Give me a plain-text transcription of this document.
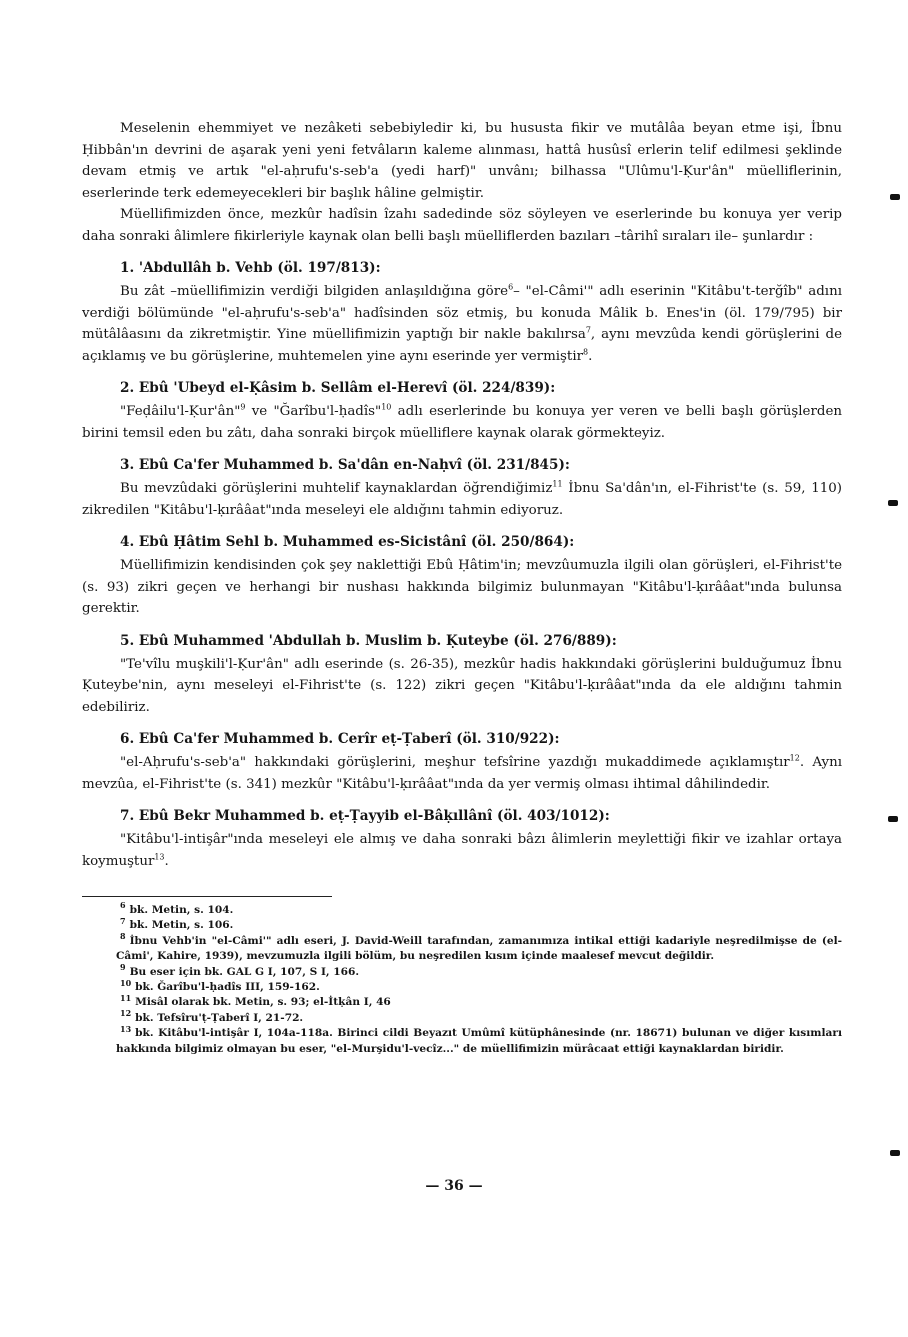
Meselenin ehemmiyet ve nezâketi sebebiyledir ki, bu hususta fikir ve mutâlâa beyan etme işi, İbnu Ḥibbân'ın devrini de aşarak yeni yeni fetvâların kaleme alınması, hattâ husûsî erlerin telif edilmesi şeklinde devam etmiş ve artık "el-aḥrufu's-seb'a (yedi harf)" unvânı; bilhassa "Ulûmu'l-Ḳur'ân" müelliflerinin, eserlerinde terk edemeyecekleri bir başlık hâline gelmiştir.

Müellifimizden önce, mezkûr hadîsin îzahı sadedinde söz söyleyen ve eserlerinde bu konuya yer verip daha sonraki âlimlere fikirleriyle kaynak olan belli başlı müelliflerden bazıları –târihî sıraları ile– şunlardır :

1. 'Abdullâh b. Vehb (öl. 197/813):

Bu zât –müellifimizin verdiği bilgiden anlaşıldığına göre$^6$– "el-Câmi'" adlı eserinin "Kitâbu't-terğîb" adını verdiği bölümünde "el-aḥrufu's-seb'a" hadîsinden söz etmiş, bu konuda Mâlik b. Enes'in (öl. 179/795) bir mütâlâasını da zikretmiştir. Yine müellifimizin yaptığı bir nakle bakılırsa$^7$, aynı mevzûda kendi görüşlerini de açıklamış ve bu görüşlerine, muhtemelen yine aynı eserinde yer vermiştir$^8$.

2. Ebû 'Ubeyd el-Ḳâsim b. Sellâm el-Herevî (öl. 224/839):

"Feḍâilu'l-Ḳur'ân"$^9$ ve "Ğarîbu'l-ḥadîs"$^{10}$ adlı eserlerinde bu konuya yer veren ve belli başlı görüşlerden birini temsil eden bu zâtı, daha sonraki birçok müelliflere kaynak olarak görmekteyiz.

3. Ebû Ca'fer Muhammed b. Sa'dân en-Naḥvî (öl. 231/845):

Bu mevzûdaki görüşlerini muhtelif kaynaklardan öğrendiğimiz$^{11}$ İbnu Sa'dân'ın, el-Fihrist'te (s. 59, 110) zikredilen "Kitâbu'l-ḳırââat"ında meseleyi ele aldığını tahmin ediyoruz.

4. Ebû Ḥâtim Sehl b. Muhammed es-Sicistânî (öl. 250/864):

Müellifimizin kendisinden çok şey naklettiği Ebû Ḥâtim'in; mevzûumuzla ilgili olan görüşleri, el-Fihrist'te (s. 93) zikri geçen ve herhangi bir nushası hakkında bilgimiz bulunmayan "Kitâbu'l-ḳırââat"ında bulunsa gerektir.

5. Ebû Muhammed 'Abdullah b. Muslim b. Ḳuteybe (öl. 276/889):

"Te'vîlu muşkili'l-Ḳur'ân" adlı eserinde (s. 26-35), mezkûr hadis hakkındaki görüşlerini bulduğumuz İbnu Ḳuteybe'nin, aynı meseleyi el-Fihrist'te (s. 122) zikri geçen "Kitâbu'l-ḳırââat"ında da ele aldığını tahmin edebiliriz.

6. Ebû Ca'fer Muhammed b. Cerîr eṭ-Ṭaberî (öl. 310/922):

"el-Aḥrufu's-seb'a" hakkındaki görüşlerini, meşhur tefsîrine yazdığı mukaddimede açıklamıştır$^{12}$. Aynı mevzûa, el-Fihrist'te (s. 341) mezkûr "Kitâbu'l-ḳırââat"ında da yer vermiş olması ihtimal dâhilindedir.

7. Ebû Bekr Muhammed b. eṭ-Ṭayyib el-Bâḳıllânî (öl. 403/1012):

"Kitâbu'l-intişâr"ında meseleyi ele almış ve daha sonraki bâzı âlimlerin meylettiği fikir ve izahlar ortaya koymuştur$^{13}$.

$^6$ bk. Metin, s. 104.

$^7$ bk. Metin, s. 106.

$^8$ İbnu Vehb'in "el-Câmi'" adlı eseri, J. David-Weill tarafından, zamanımıza intikal ettiği kadariyle neşredilmişse de (el-Câmi', Kahire, 1939), mevzumuzla ilgili bölüm, bu neşredilen kısım içinde maalesef mevcut değildir.

$^9$ Bu eser için bk. GAL G I, 107, S I, 166.

$^{10}$ bk. Ğarîbu'l-ḥadîs III, 159-162.

$^{11}$ Misâl olarak bk. Metin, s. 93; el-İtḳân I, 46

$^{12}$ bk. Tefsîru'ṭ-Ṭaberî I, 21-72.

$^{13}$ bk. Kitâbu'l-intişâr I, 104a-118a. Birinci cildi Beyazıt Umûmî kütüphânesinde (nr. 18671) bulunan ve diğer kısımları hakkında bilgimiz olmayan bu eser, "el-Murşidu'l-vecîz..." de müellifimizin mürâcaat ettiği kaynaklardan biridir.

— 36 —
